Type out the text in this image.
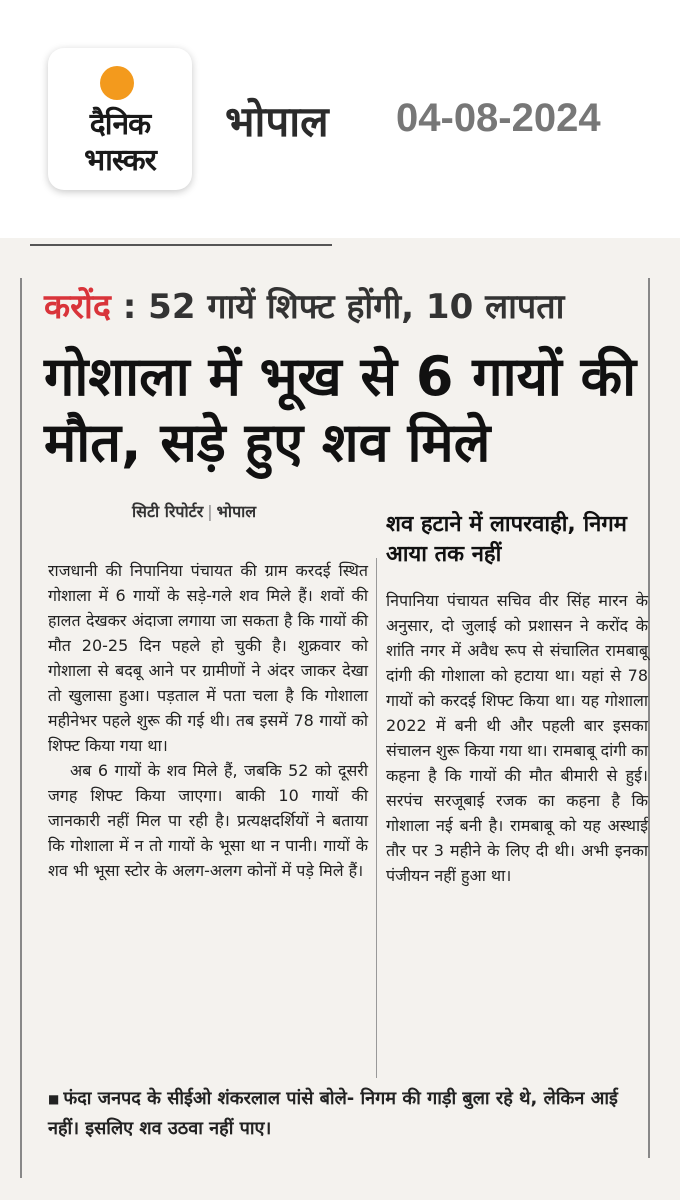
दैनिक
भास्कर
भोपाल 04-08-2024
करोंद : 52 गायें शिफ्ट होंगी, 10 लापता
गोशाला में भूख से 6 गायों की मौत, सड़े हुए शव मिले
सिटी रिपोर्टर | भोपाल
शव हटाने में लापरवाही, निगम आया तक नहीं

राजधानी की निपानिया पंचायत की ग्राम करदई स्थित गोशाला में 6 गायों के सड़े-गले शव मिले हैं। शवों की हालत देखकर अंदाजा लगाया जा सकता है कि गायों की मौत 20-25 दिन पहले हो चुकी है। शुक्रवार को गोशाला से बदबू आने पर ग्रामीणों ने अंदर जाकर देखा तो खुलासा हुआ। पड़ताल में पता चला है कि गोशाला महीनेभर पहले शुरू की गई थी। तब इसमें 78 गायों को शिफ्ट किया गया था।

अब 6 गायों के शव मिले हैं, जबकि 52 को दूसरी जगह शिफ्ट किया जाएगा। बाकी 10 गायों की जानकारी नहीं मिल पा रही है। प्रत्यक्षदर्शियों ने बताया कि गोशाला में न तो गायों के भूसा था न पानी। गायों के शव भी भूसा स्टोर के अलग-अलग कोनों में पड़े मिले हैं।

निपानिया पंचायत सचिव वीर सिंह मारन के अनुसार, दो जुलाई को प्रशासन ने करोंद के शांति नगर में अवैध रूप से संचालित रामबाबू दांगी की गोशाला को हटाया था। यहां से 78 गायों को करदई शिफ्ट किया था। यह गोशाला 2022 में बनी थी और पहली बार इसका संचालन शुरू किया गया था। रामबाबू दांगी का कहना है कि गायों की मौत बीमारी से हुई। सरपंच सरजूबाई रजक का कहना है कि गोशाला नई बनी है। रामबाबू को यह अस्थाई तौर पर 3 महीने के लिए दी थी। अभी इनका पंजीयन नहीं हुआ था।

■ फंदा जनपद के सीईओ शंकरलाल पांसे बोले- निगम की गाड़ी बुला रहे थे, लेकिन आई नहीं। इसलिए शव उठवा नहीं पाए।
